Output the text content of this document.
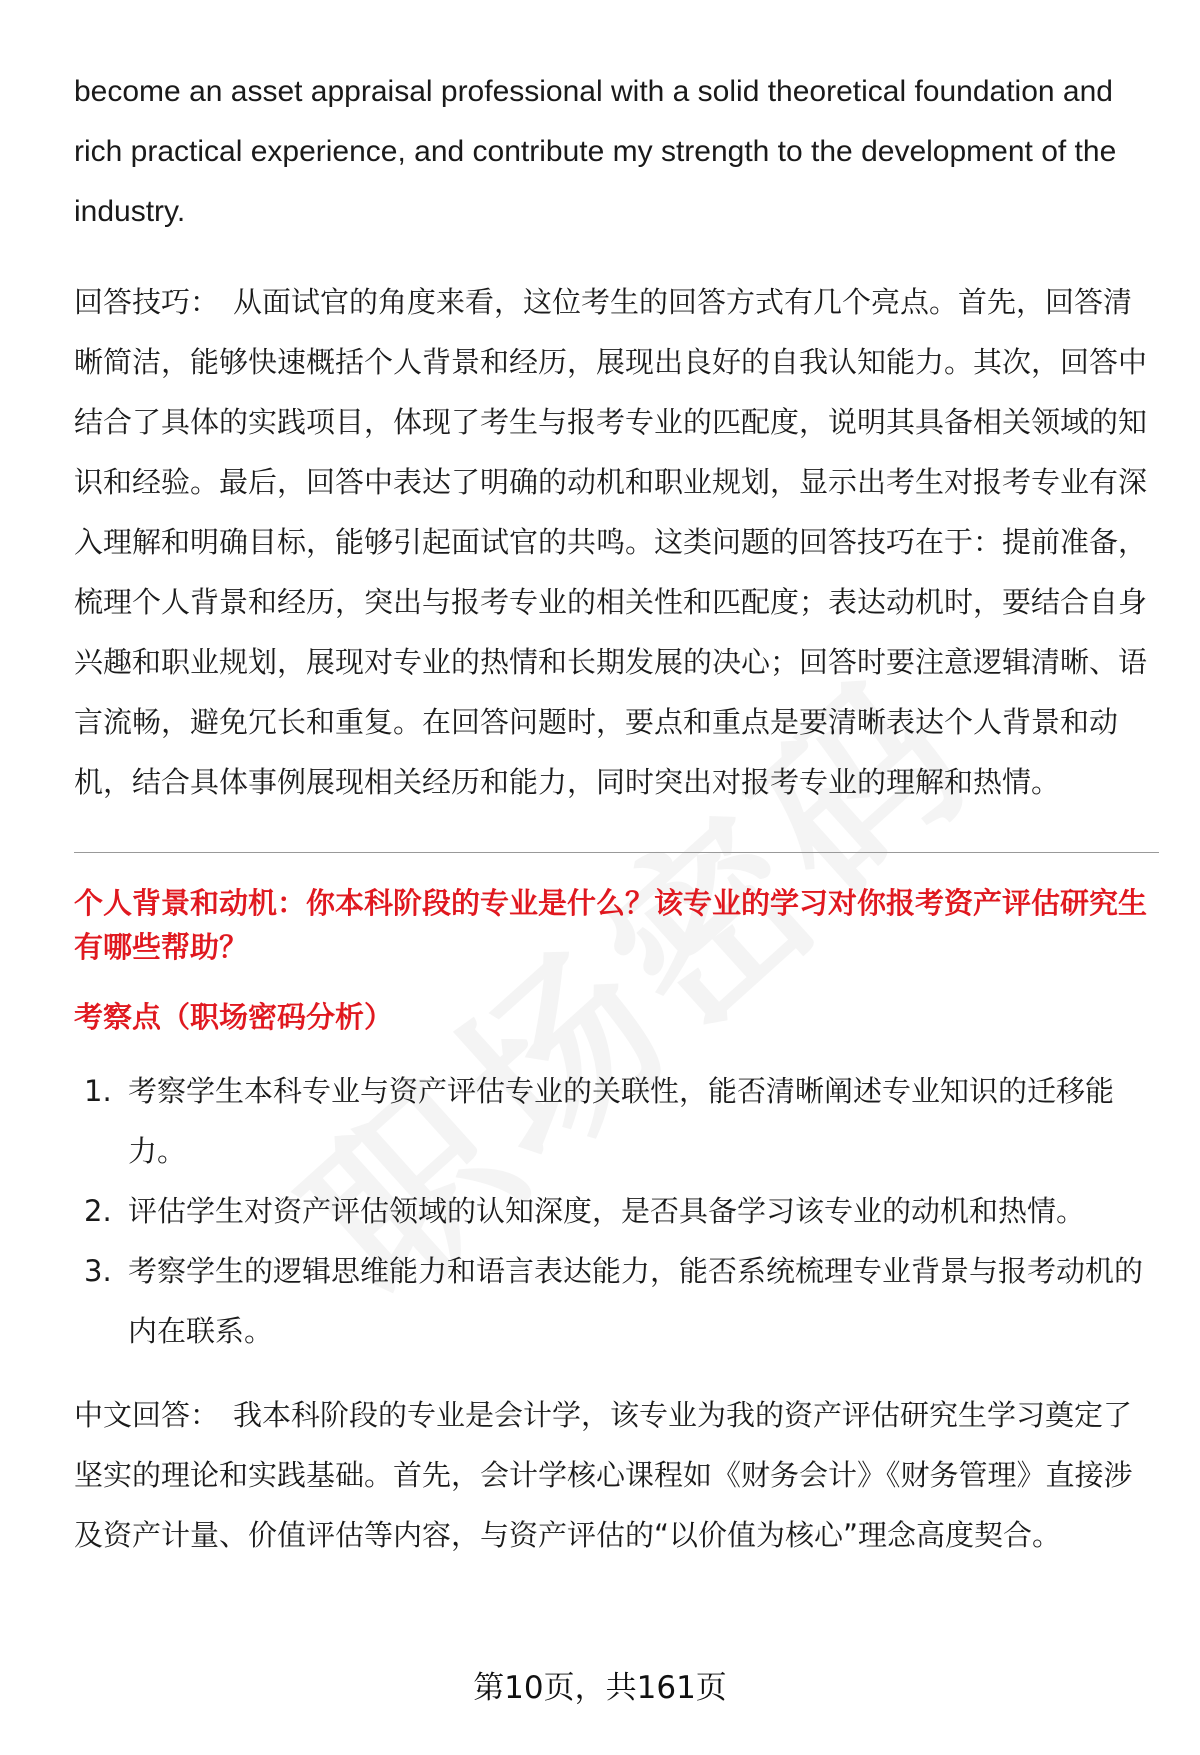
become an asset appraisal professional with a solid theoretical foundation and rich practical experience, and contribute my strength to the development of the industry.

回答技巧： 从面试官的角度来看，这位考生的回答方式有几个亮点。首先，回答清晰简洁，能够快速概括个人背景和经历，展现出良好的自我认知能力。其次，回答中结合了具体的实践项目，体现了考生与报考专业的匹配度，说明其具备相关领域的知识和经验。最后，回答中表达了明确的动机和职业规划，显示出考生对报考专业有深入理解和明确目标，能够引起面试官的共鸣。这类问题的回答技巧在于：提前准备，梳理个人背景和经历，突出与报考专业的相关性和匹配度；表达动机时，要结合自身兴趣和职业规划，展现对专业的热情和长期发展的决心；回答时要注意逻辑清晰、语言流畅，避免冗长和重复。在回答问题时，要点和重点是要清晰表达个人背景和动机，结合具体事例展现相关经历和能力，同时突出对报考专业的理解和热情。

个人背景和动机：你本科阶段的专业是什么？该专业的学习对你报考资产评估研究生有哪些帮助？
考察点（职场密码分析）
1. 考察学生本科专业与资产评估专业的关联性，能否清晰阐述专业知识的迁移能力。
2. 评估学生对资产评估领域的认知深度，是否具备学习该专业的动机和热情。
3. 考察学生的逻辑思维能力和语言表达能力，能否系统梳理专业背景与报考动机的内在联系。

中文回答： 我本科阶段的专业是会计学，该专业为我的资产评估研究生学习奠定了坚实的理论和实践基础。首先，会计学核心课程如《财务会计》《财务管理》直接涉及资产计量、价值评估等内容，与资产评估的“以价值为核心”理念高度契合。

第10页，共161页
